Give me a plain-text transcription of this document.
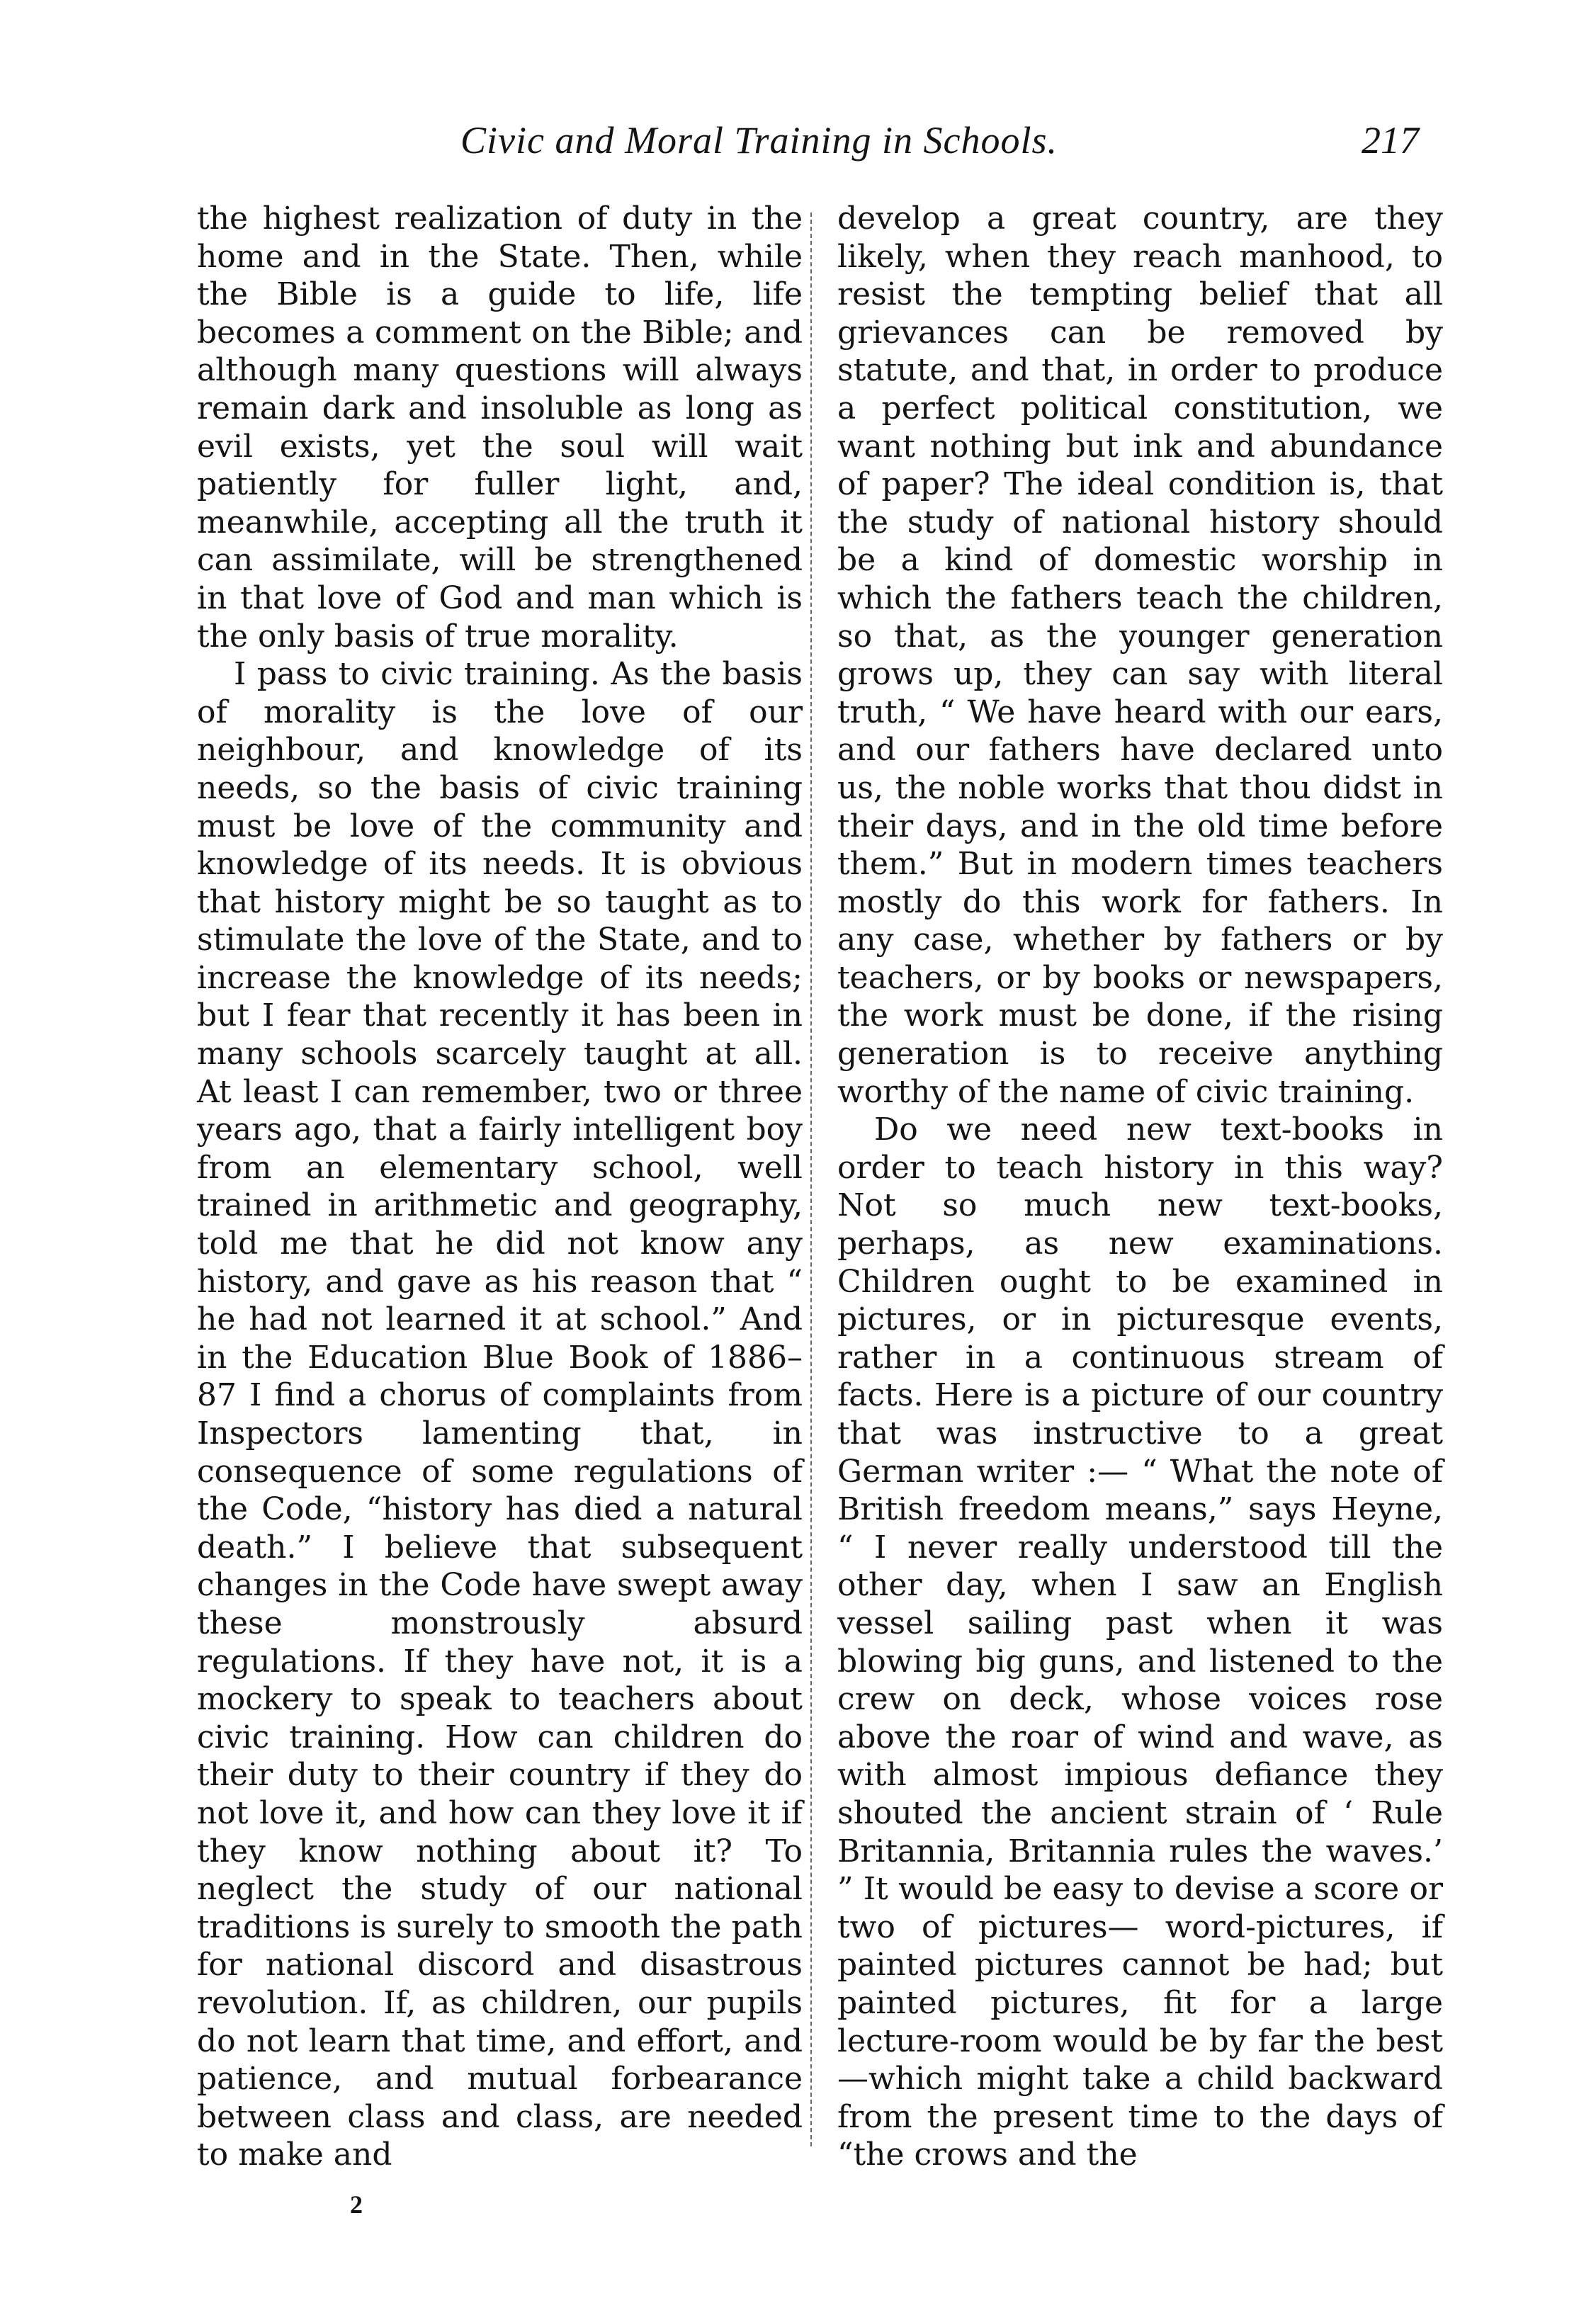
Civic and Moral Training in Schools.	217

the highest realization of duty in the home and in the State. Then, while the Bible is a guide to life, life becomes a comment on the Bible; and although many questions will always remain dark and insoluble as long as evil exists, yet the soul will wait patiently for fuller light, and, meanwhile, accepting all the truth it can assimilate, will be strengthened in that love of God and man which is the only basis of true morality.

I pass to civic training. As the basis of morality is the love of our neighbour, and knowledge of its needs, so the basis of civic training must be love of the community and knowledge of its needs. It is obvious that history might be so taught as to stimulate the love of the State, and to increase the knowledge of its needs; but I fear that recently it has been in many schools scarcely taught at all. At least I can remember, two or three years ago, that a fairly intelligent boy from an elementary school, well trained in arithmetic and geography, told me that he did not know any history, and gave as his reason that “ he had not learned it at school.” And in the Education Blue Book of 1886–87 I find a chorus of complaints from Inspectors lamenting that, in consequence of some regulations of the Code, “history has died a natural death.” I believe that subsequent changes in the Code have swept away these monstrously absurd regulations. If they have not, it is a mockery to speak to teachers about civic training. How can children do their duty to their country if they do not love it, and how can they love it if they know nothing about it? To neglect the study of our national traditions is surely to smooth the path for national discord and disastrous revolution. If, as children, our pupils do not learn that time, and effort, and patience, and mutual forbearance between class and class, are needed to make and

develop a great country, are they likely, when they reach manhood, to resist the tempting belief that all grievances can be removed by statute, and that, in order to produce a perfect political constitution, we want nothing but ink and abundance of paper? The ideal condition is, that the study of national history should be a kind of domestic worship in which the fathers teach the children, so that, as the younger generation grows up, they can say with literal truth, “ We have heard with our ears, and our fathers have declared unto us, the noble works that thou didst in their days, and in the old time before them.” But in modern times teachers mostly do this work for fathers. In any case, whether by fathers or by teachers, or by books or newspapers, the work must be done, if the rising generation is to receive anything worthy of the name of civic training.

Do we need new text-books in order to teach history in this way? Not so much new text-books, perhaps, as new examinations. Children ought to be examined in pictures, or in picturesque events, rather in a continuous stream of facts. Here is a picture of our country that was instructive to a great German writer :— “ What the note of British freedom means,” says Heyne, “ I never really understood till the other day, when I saw an English vessel sailing past when it was blowing big guns, and listened to the crew on deck, whose voices rose above the roar of wind and wave, as with almost impious defiance they shouted the ancient strain of ‘ Rule Britannia, Britannia rules the waves.’ ” It would be easy to devise a score or two of pictures— word-pictures, if painted pictures cannot be had; but painted pictures, fit for a large lecture-room would be by far the best—which might take a child backward from the present time to the days of “the crows and the

2
